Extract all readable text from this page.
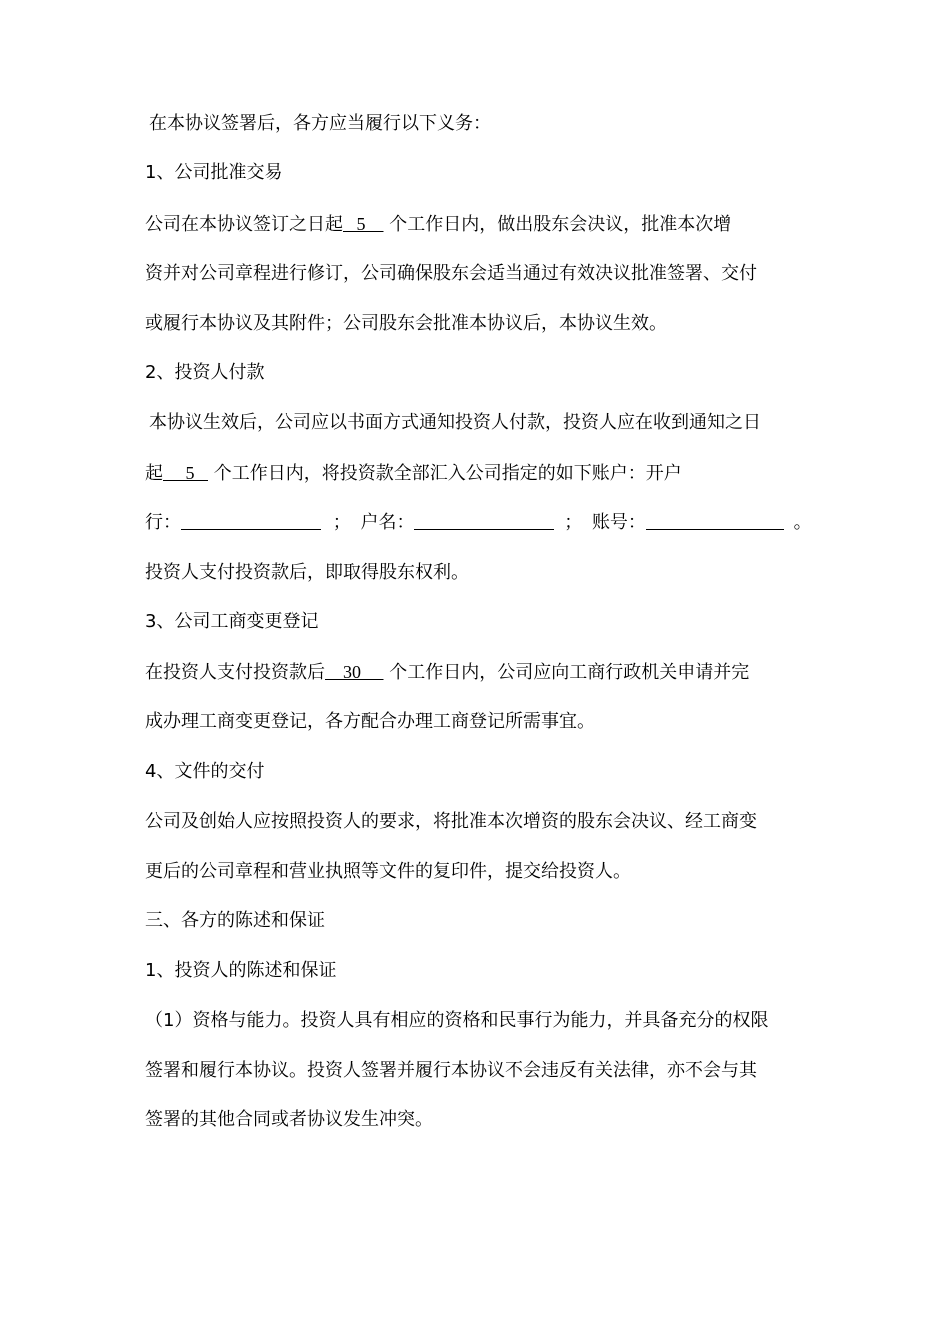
在本协议签署后，各方应当履行以下义务：
1、公司批准交易
公司在本协议签订之日起 5 个工作日内，做出股东会决议，批准本次增
资并对公司章程进行修订，公司确保股东会适当通过有效决议批准签署、交付
或履行本协议及其附件；公司股东会批准本协议后，本协议生效。
2、投资人付款
本协议生效后，公司应以书面方式通知投资人付款，投资人应在收到通知之日
起 5 个工作日内，将投资款全部汇入公司指定的如下账户：开户
行：	； 户名：	； 账号：	。
投资人支付投资款后，即取得股东权利。
3、公司工商变更登记
在投资人支付投资款后 30 个工作日内，公司应向工商行政机关申请并完
成办理工商变更登记，各方配合办理工商登记所需事宜。
4、文件的交付
公司及创始人应按照投资人的要求，将批准本次增资的股东会决议、经工商变
更后的公司章程和营业执照等文件的复印件，提交给投资人。
三、各方的陈述和保证
1、投资人的陈述和保证
（1）资格与能力。投资人具有相应的资格和民事行为能力，并具备充分的权限
签署和履行本协议。投资人签署并履行本协议不会违反有关法律，亦不会与其
签署的其他合同或者协议发生冲突。
